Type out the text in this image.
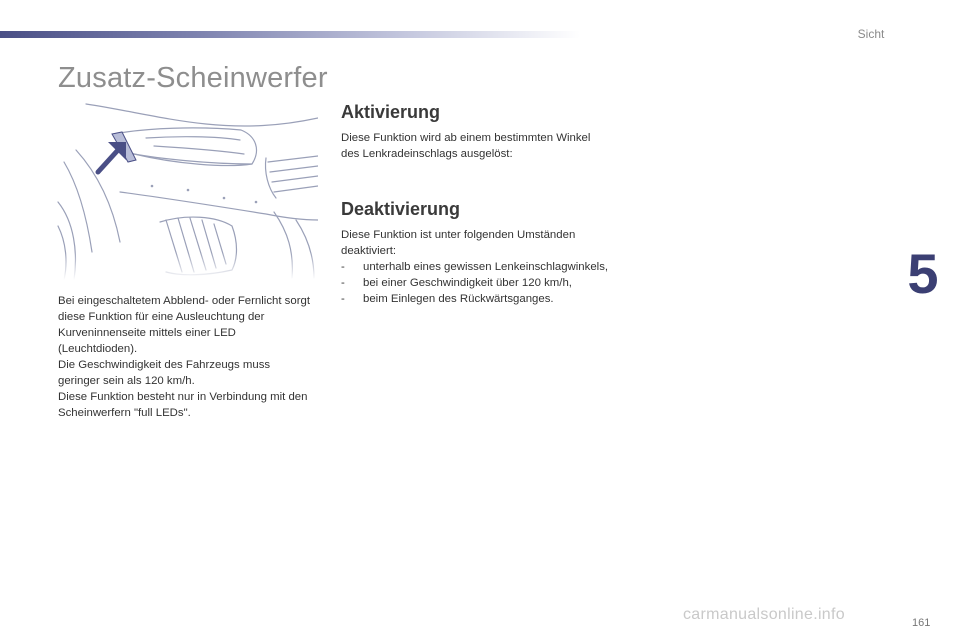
Sicht
Zusatz-Scheinwerfer

Bei eingeschaltetem Abblend- oder Fernlicht sorgt diese Funktion für eine Ausleuchtung der Kurveninnenseite mittels einer LED (Leuchtdioden).

Die Geschwindigkeit des Fahrzeugs muss geringer sein als 120 km/h.

Diese Funktion besteht nur in Verbindung mit den Scheinwerfern "full LEDs".

Aktivierung

Diese Funktion wird ab einem bestimmten Winkel des Lenkradeinschlags ausgelöst:

Deaktivierung

Diese Funktion ist unter folgenden Umständen deaktiviert:

- unterhalb eines gewissen Lenkeinschlagwinkels,
- bei einer Geschwindigkeit über 120 km/h,
- beim Einlegen des Rückwärtsganges.	5
161
carmanualsonline.info
